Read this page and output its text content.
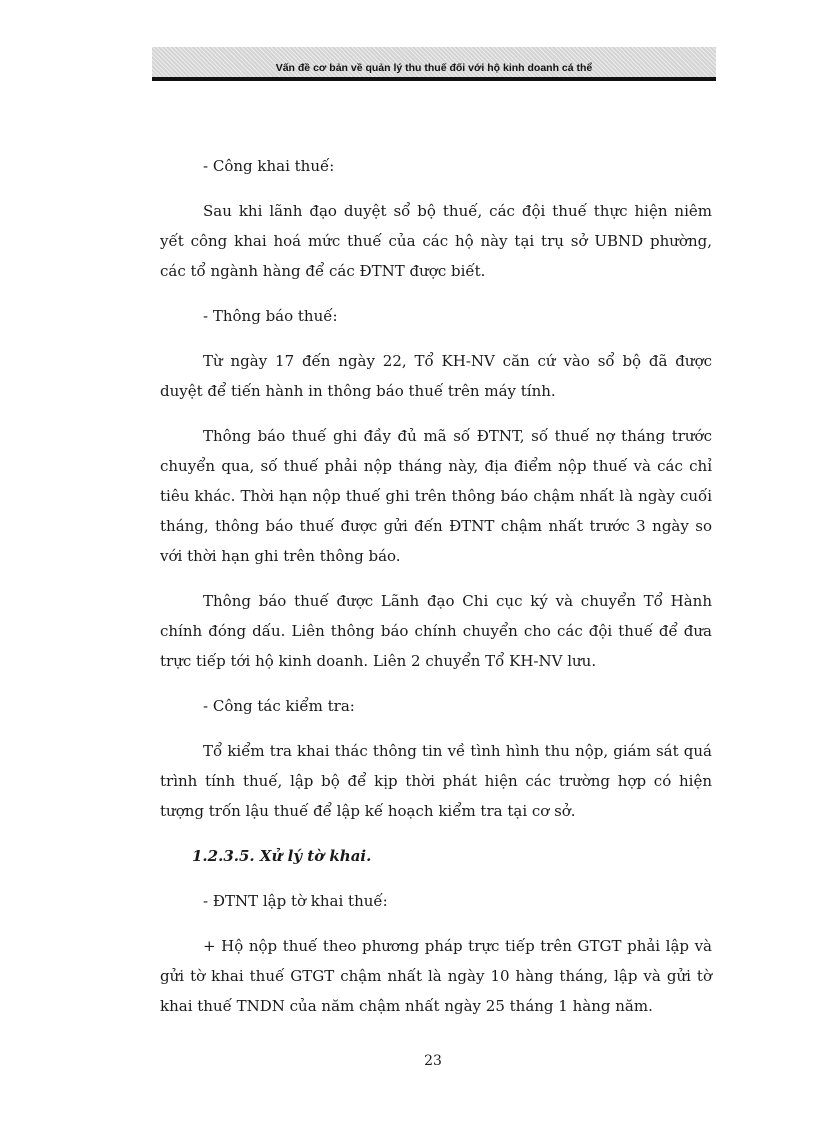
Vấn đề cơ bản về quản lý thu thuế đối với hộ kinh doanh cá thể

- Công khai thuế:

Sau khi lãnh đạo duyệt sổ bộ thuế, các đội thuế thực hiện niêm yết công khai hoá mức thuế của các hộ này tại trụ sở UBND phường, các tổ ngành hàng để các ĐTNT được biết.

- Thông báo thuế:

Từ ngày 17 đến ngày 22, Tổ KH-NV căn cứ vào sổ bộ đã được duyệt để tiến hành in thông báo thuế trên máy tính.

Thông báo thuế ghi đầy đủ mã số ĐTNT, số thuế nợ tháng trước chuyển qua, số thuế phải nộp tháng này, địa điểm nộp thuế và các chỉ tiêu khác. Thời hạn nộp thuế ghi trên thông báo chậm nhất là ngày cuối tháng, thông báo thuế được gửi đến ĐTNT chậm nhất trước 3 ngày so với thời hạn ghi trên thông báo.

Thông báo thuế được Lãnh đạo Chi cục ký và chuyển Tổ Hành chính đóng dấu. Liên thông báo chính chuyển cho các đội thuế để đưa trực tiếp tới hộ kinh doanh. Liên 2 chuyển Tổ KH-NV lưu.

- Công tác kiểm tra:

Tổ kiểm tra khai thác thông tin về tình hình thu nộp, giám sát quá trình tính thuế, lập bộ để kịp thời phát hiện các trường hợp có hiện tượng trốn lậu thuế để lập kế hoạch kiểm tra tại cơ sở.

1.2.3.5. Xử lý tờ khai.

- ĐTNT lập tờ khai thuế:

+ Hộ nộp thuế theo phương pháp trực tiếp trên GTGT phải lập và gửi tờ khai thuế GTGT chậm nhất là ngày 10 hàng tháng, lập và gửi tờ khai thuế TNDN của năm chậm nhất ngày 25 tháng 1 hàng năm.

23
